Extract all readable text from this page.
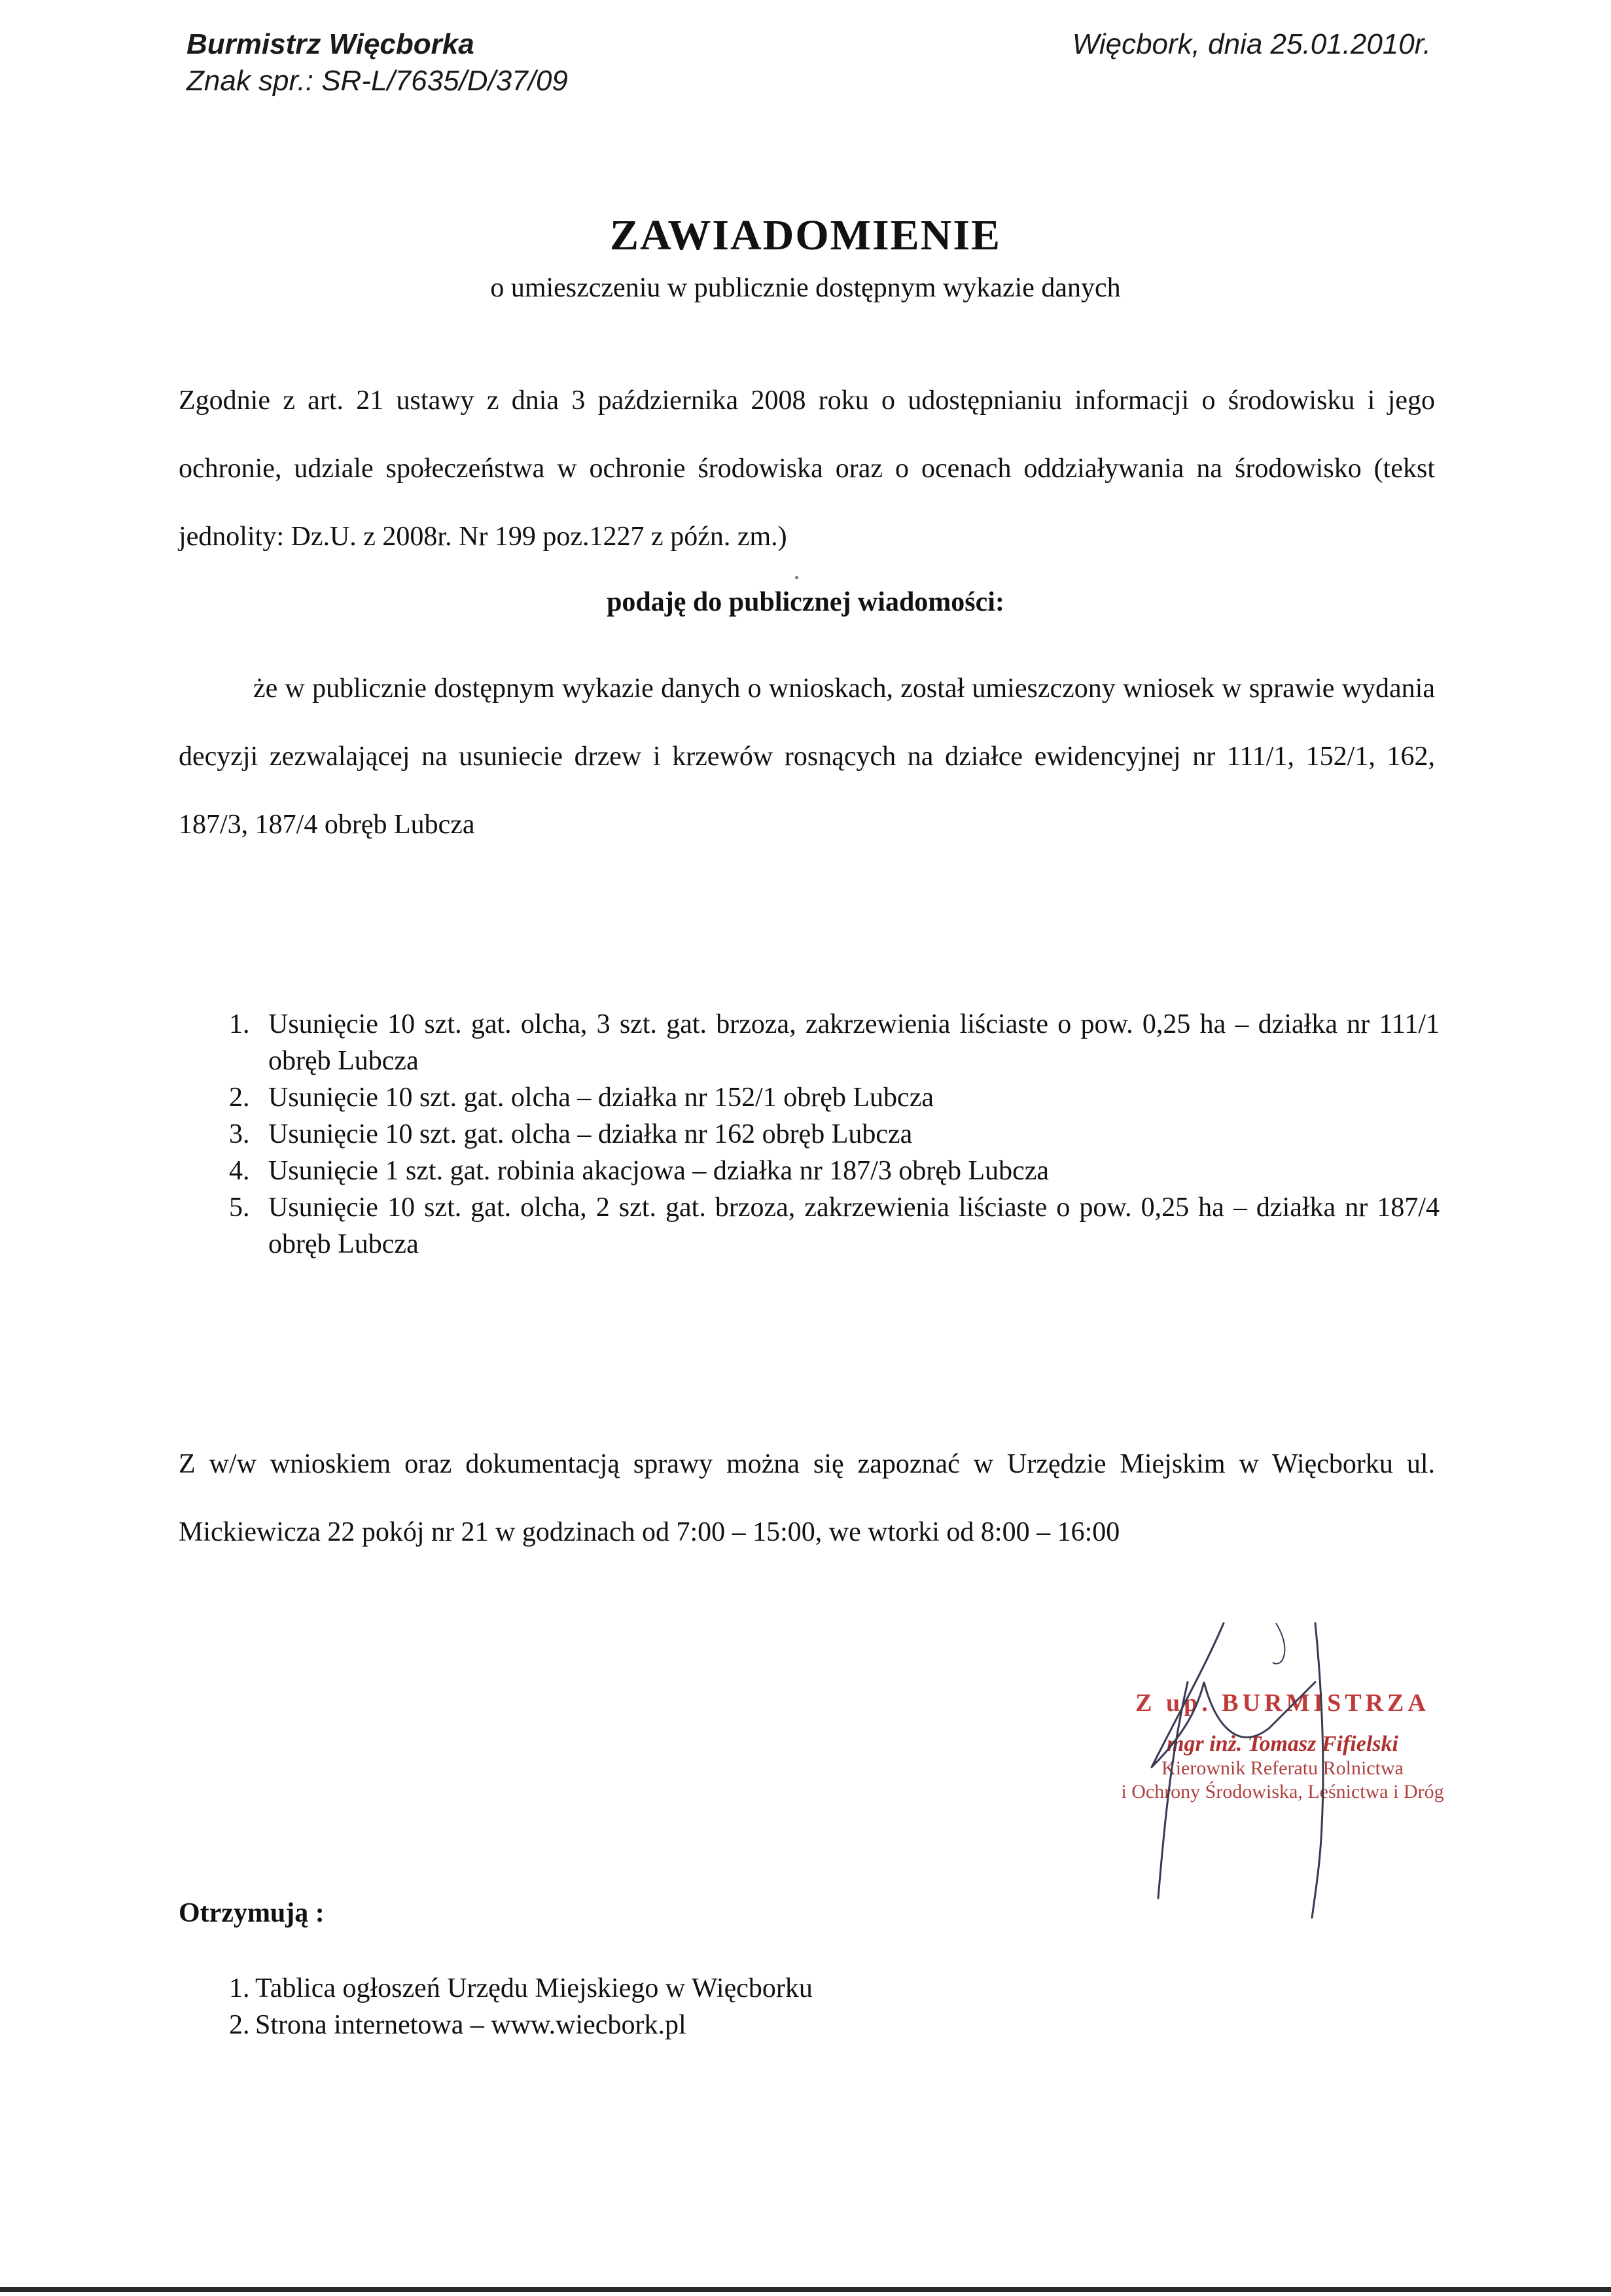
Burmistrz Więcborka
Znak spr.: SR-L/7635/D/37/09
Więcbork, dnia 25.01.2010r.
ZAWIADOMIENIE
o umieszczeniu w publicznie dostępnym wykazie danych
Zgodnie z art. 21 ustawy z dnia 3 października 2008 roku o udostępnianiu informacji o środowisku i jego ochronie, udziale społeczeństwa w ochronie środowiska oraz o ocenach oddziaływania na środowisko (tekst jednolity: Dz.U. z 2008r. Nr 199 poz.1227 z późn. zm.)
podaję do publicznej wiadomości:
że w publicznie dostępnym wykazie danych o wnioskach, został umieszczony wniosek w sprawie wydania decyzji zezwalającej na usuniecie drzew i krzewów rosnących na działce ewidencyjnej nr 111/1, 152/1, 162, 187/3, 187/4 obręb Lubcza
1. Usunięcie 10 szt. gat. olcha, 3 szt. gat. brzoza, zakrzewienia liściaste o pow. 0,25 ha – działka nr 111/1 obręb Lubcza
2. Usunięcie 10 szt. gat. olcha – działka nr 152/1 obręb Lubcza
3. Usunięcie 10 szt. gat. olcha – działka nr 162 obręb Lubcza
4. Usunięcie 1 szt. gat. robinia akacjowa – działka nr 187/3 obręb Lubcza
5. Usunięcie 10 szt. gat. olcha, 2 szt. gat. brzoza, zakrzewienia liściaste o pow. 0,25 ha – działka nr 187/4 obręb Lubcza
Z w/w wnioskiem oraz dokumentacją sprawy można się zapoznać w Urzędzie Miejskim w Więcborku ul. Mickiewicza 22 pokój nr 21 w godzinach od 7:00 – 15:00, we wtorki od 8:00 – 16:00
Z up. BURMISTRZA
mgr inż. Tomasz Fifielski
Kierownik Referatu Rolnictwa
i Ochrony Środowiska, Leśnictwa i Dróg
Otrzymują :
1. Tablica ogłoszeń Urzędu Miejskiego w Więcborku
2. Strona internetowa – www.wiecbork.pl
